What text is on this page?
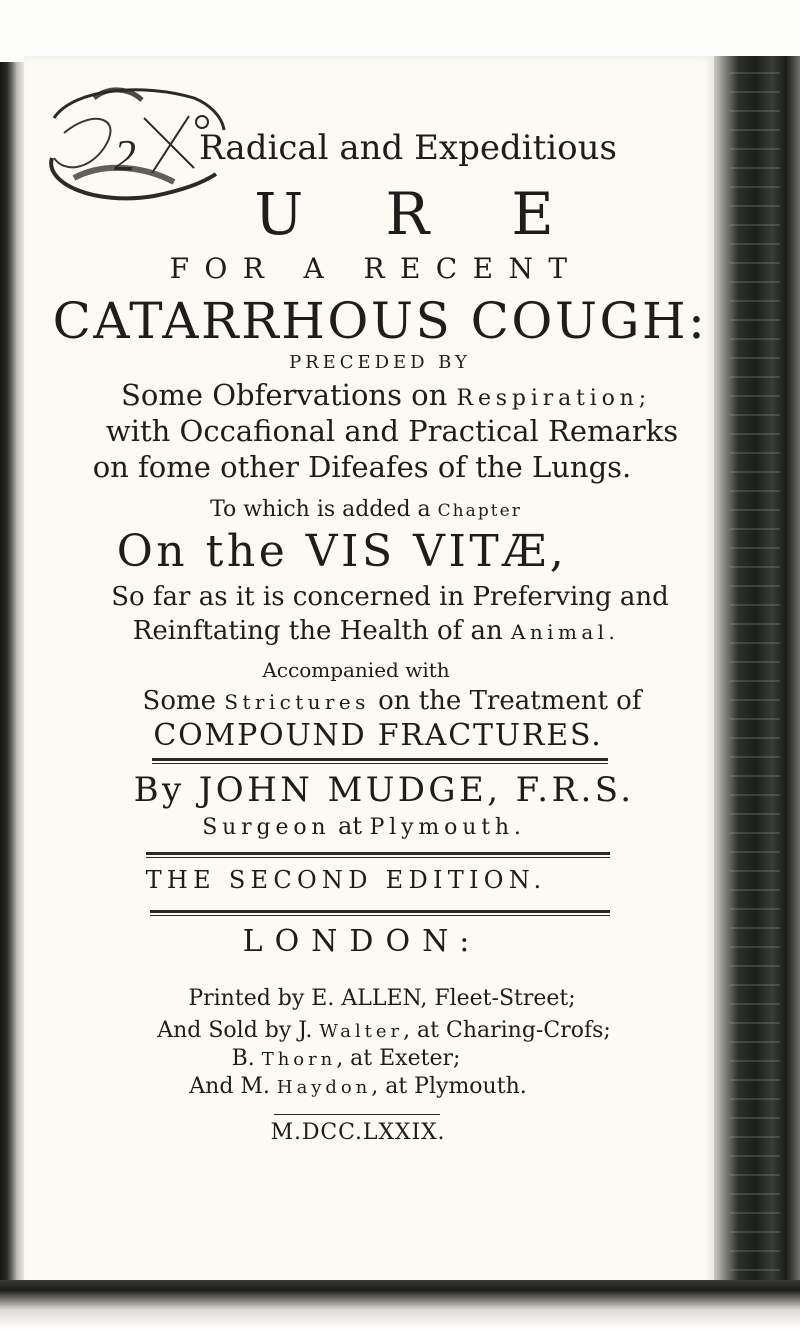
2 Radical and Expeditious
U R E
FOR A RECENT
CATARRHOUS COUGH:
PRECEDED BY
Some Obfervations on Respiration;
with Occafional and Practical Remarks
on fome other Difeafes of the Lungs.
To which is added a Chapter
On the VIS VITÆ,
So far as it is concerned in Preferving and
Reinftating the Health of an Animal.
Accompanied with
Some Strictures on the Treatment of
COMPOUND FRACTURES.
By JOHN MUDGE, F.R.S.
Surgeon at Plymouth.
THE SECOND EDITION.
LONDON:
Printed by E. ALLEN, Fleet-Street;
And Sold by J. Walter, at Charing-Crofs;
B. Thorn, at Exeter;
And M. Haydon, at Plymouth.
M.DCC.LXXIX.
